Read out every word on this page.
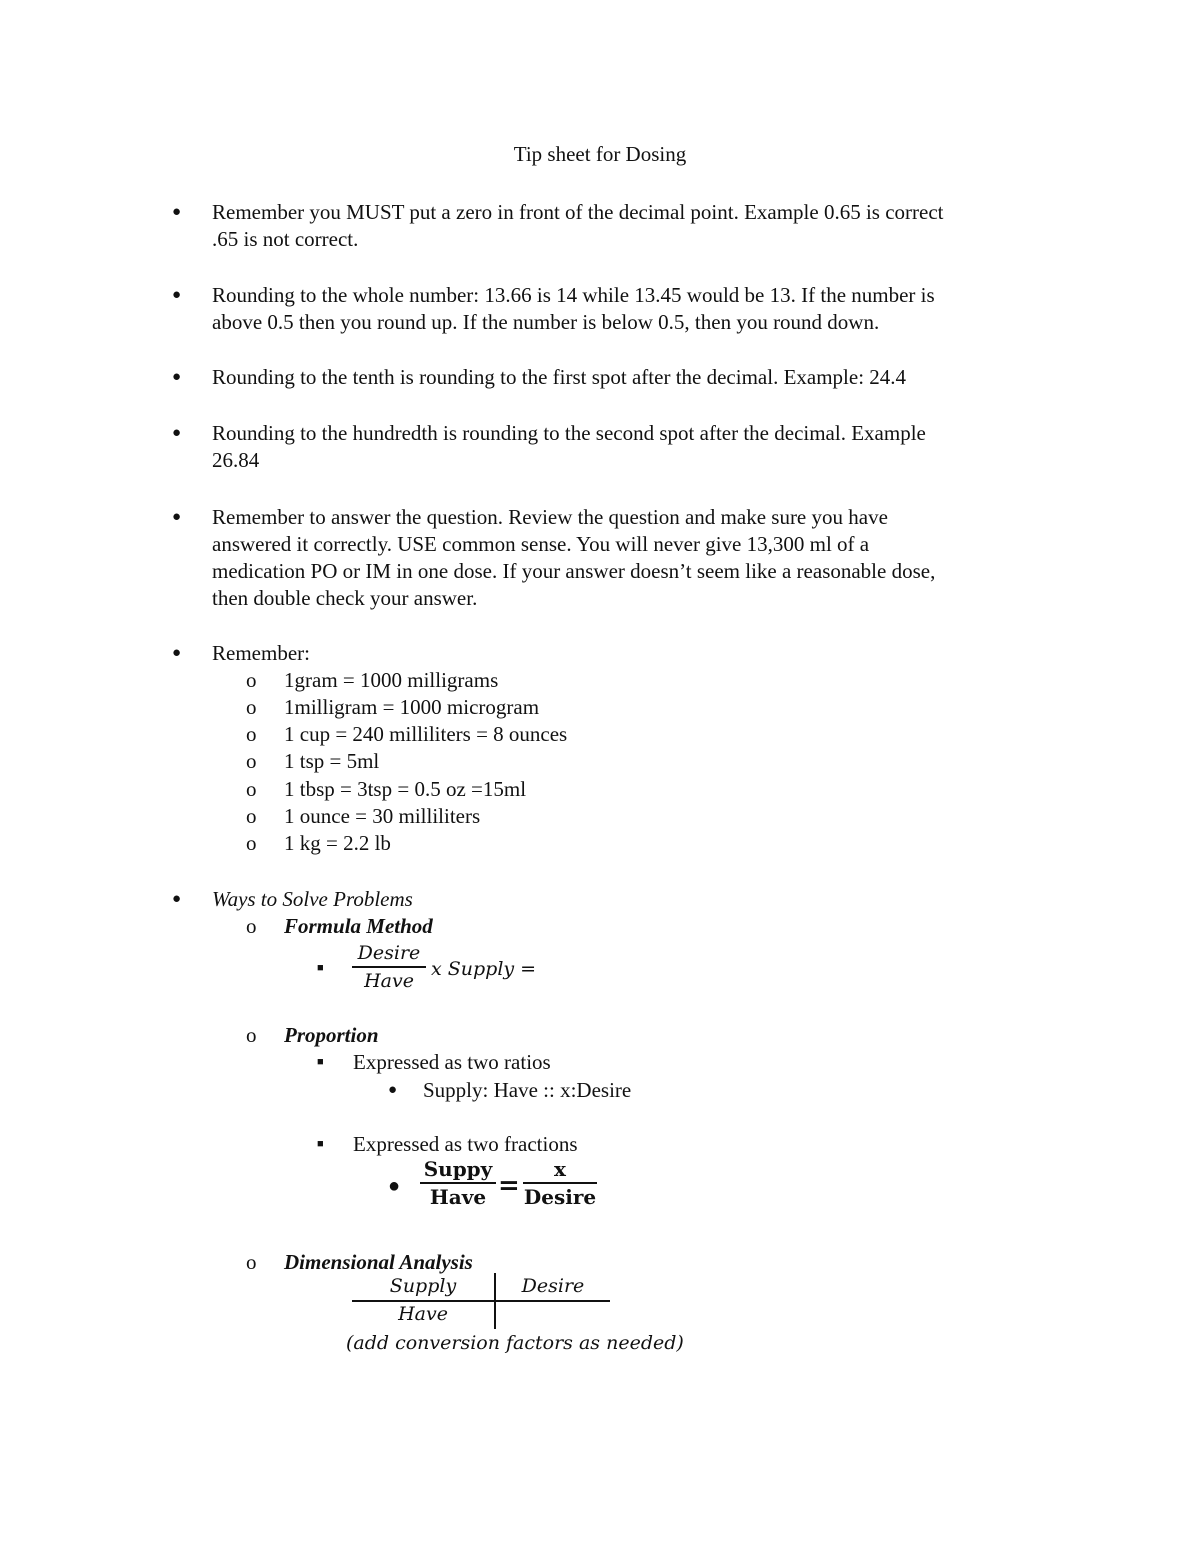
Tip sheet for Dosing
● Remember you MUST put a zero in front of the decimal point. Example 0.65 is correct
.65 is not correct.
● Rounding to the whole number: 13.66 is 14 while 13.45 would be 13. If the number is
above 0.5 then you round up. If the number is below 0.5, then you round down.
● Rounding to the tenth is rounding to the first spot after the decimal. Example: 24.4
● Rounding to the hundredth is rounding to the second spot after the decimal. Example
26.84
● Remember to answer the question. Review the question and make sure you have
answered it correctly. USE common sense. You will never give 13,300 ml of a
medication PO or IM in one dose. If your answer doesn’t seem like a reasonable dose,
then double check your answer.
● Remember:
o 1gram = 1000 milligrams
o 1milligram = 1000 microgram
o 1 cup = 240 milliliters = 8 ounces
o 1 tsp = 5ml
o 1 tbsp = 3tsp = 0.5 oz =15ml
o 1 ounce = 30 milliliters
o 1 kg = 2.2 lb
● Ways to Solve Problems
o Formula Method
■
Desire
Have
x Supply =
o Proportion
■ Expressed as two ratios
● Supply: Have :: x:Desire
■ Expressed as two fractions
●
Suppy
Have =
x
Desire
o Dimensional Analysis
Supply	Desire
Have
(add conversion factors as needed)
